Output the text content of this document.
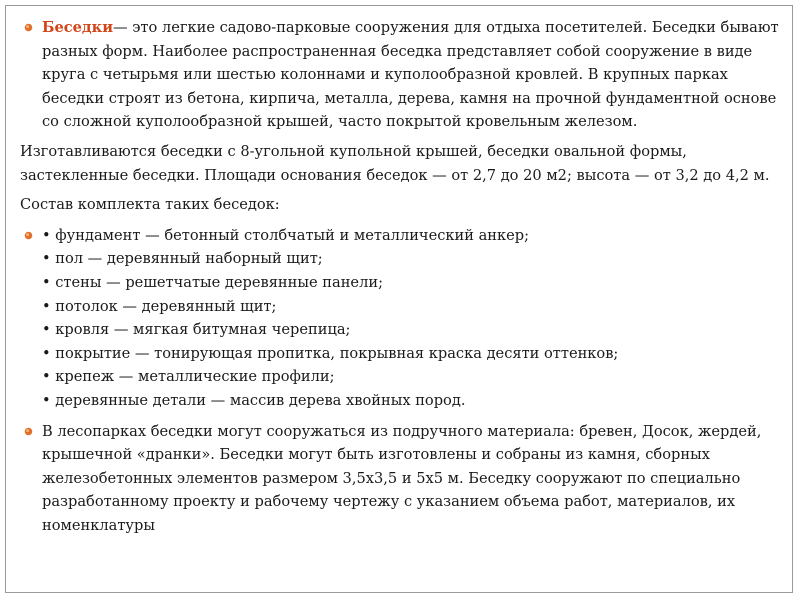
Беседки— это легкие садово-парковые сооружения для отдыха посетителей. Беседки бывают разных форм. Наиболее распространенная беседка представляет собой сооружение в виде круга с четырьмя или шестью колоннами и куполообразной кровлей. В крупных парках беседки строят из бетона, кирпича, металла, дерева, камня на прочной фундаментной основе со сложной куполообразной крышей, часто покрытой кровельным железом.

Изготавливаются беседки с 8-угольной купольной крышей, беседки овальной формы, застекленные беседки. Площади основания беседок — от 2,7 до 20 м2; высота — от 3,2 до 4,2 м.

Состав комплекта таких беседок:

• фундамент — бетонный столбчатый и металлический анкер;
• пол — деревянный наборный щит;
• стены — решетчатые деревянные панели;
• потолок — деревянный щит;
• кровля — мягкая битумная черепица;
• покрытие — тонирующая пропитка, покрывная краска десяти оттенков;
• крепеж — металлические профили;
• деревянные детали — массив дерева хвойных пород.

В лесопарках беседки могут сооружаться из подручного материала: бревен, Досок, жердей, крышечной «дранки». Беседки могут быть изготовлены и собраны из камня, сборных железобетонных элементов размером 3,5х3,5 и 5х5 м. Беседку сооружают по специально разработанному проекту и рабочему чертежу с указанием объема работ, материалов, их номенклатуры
